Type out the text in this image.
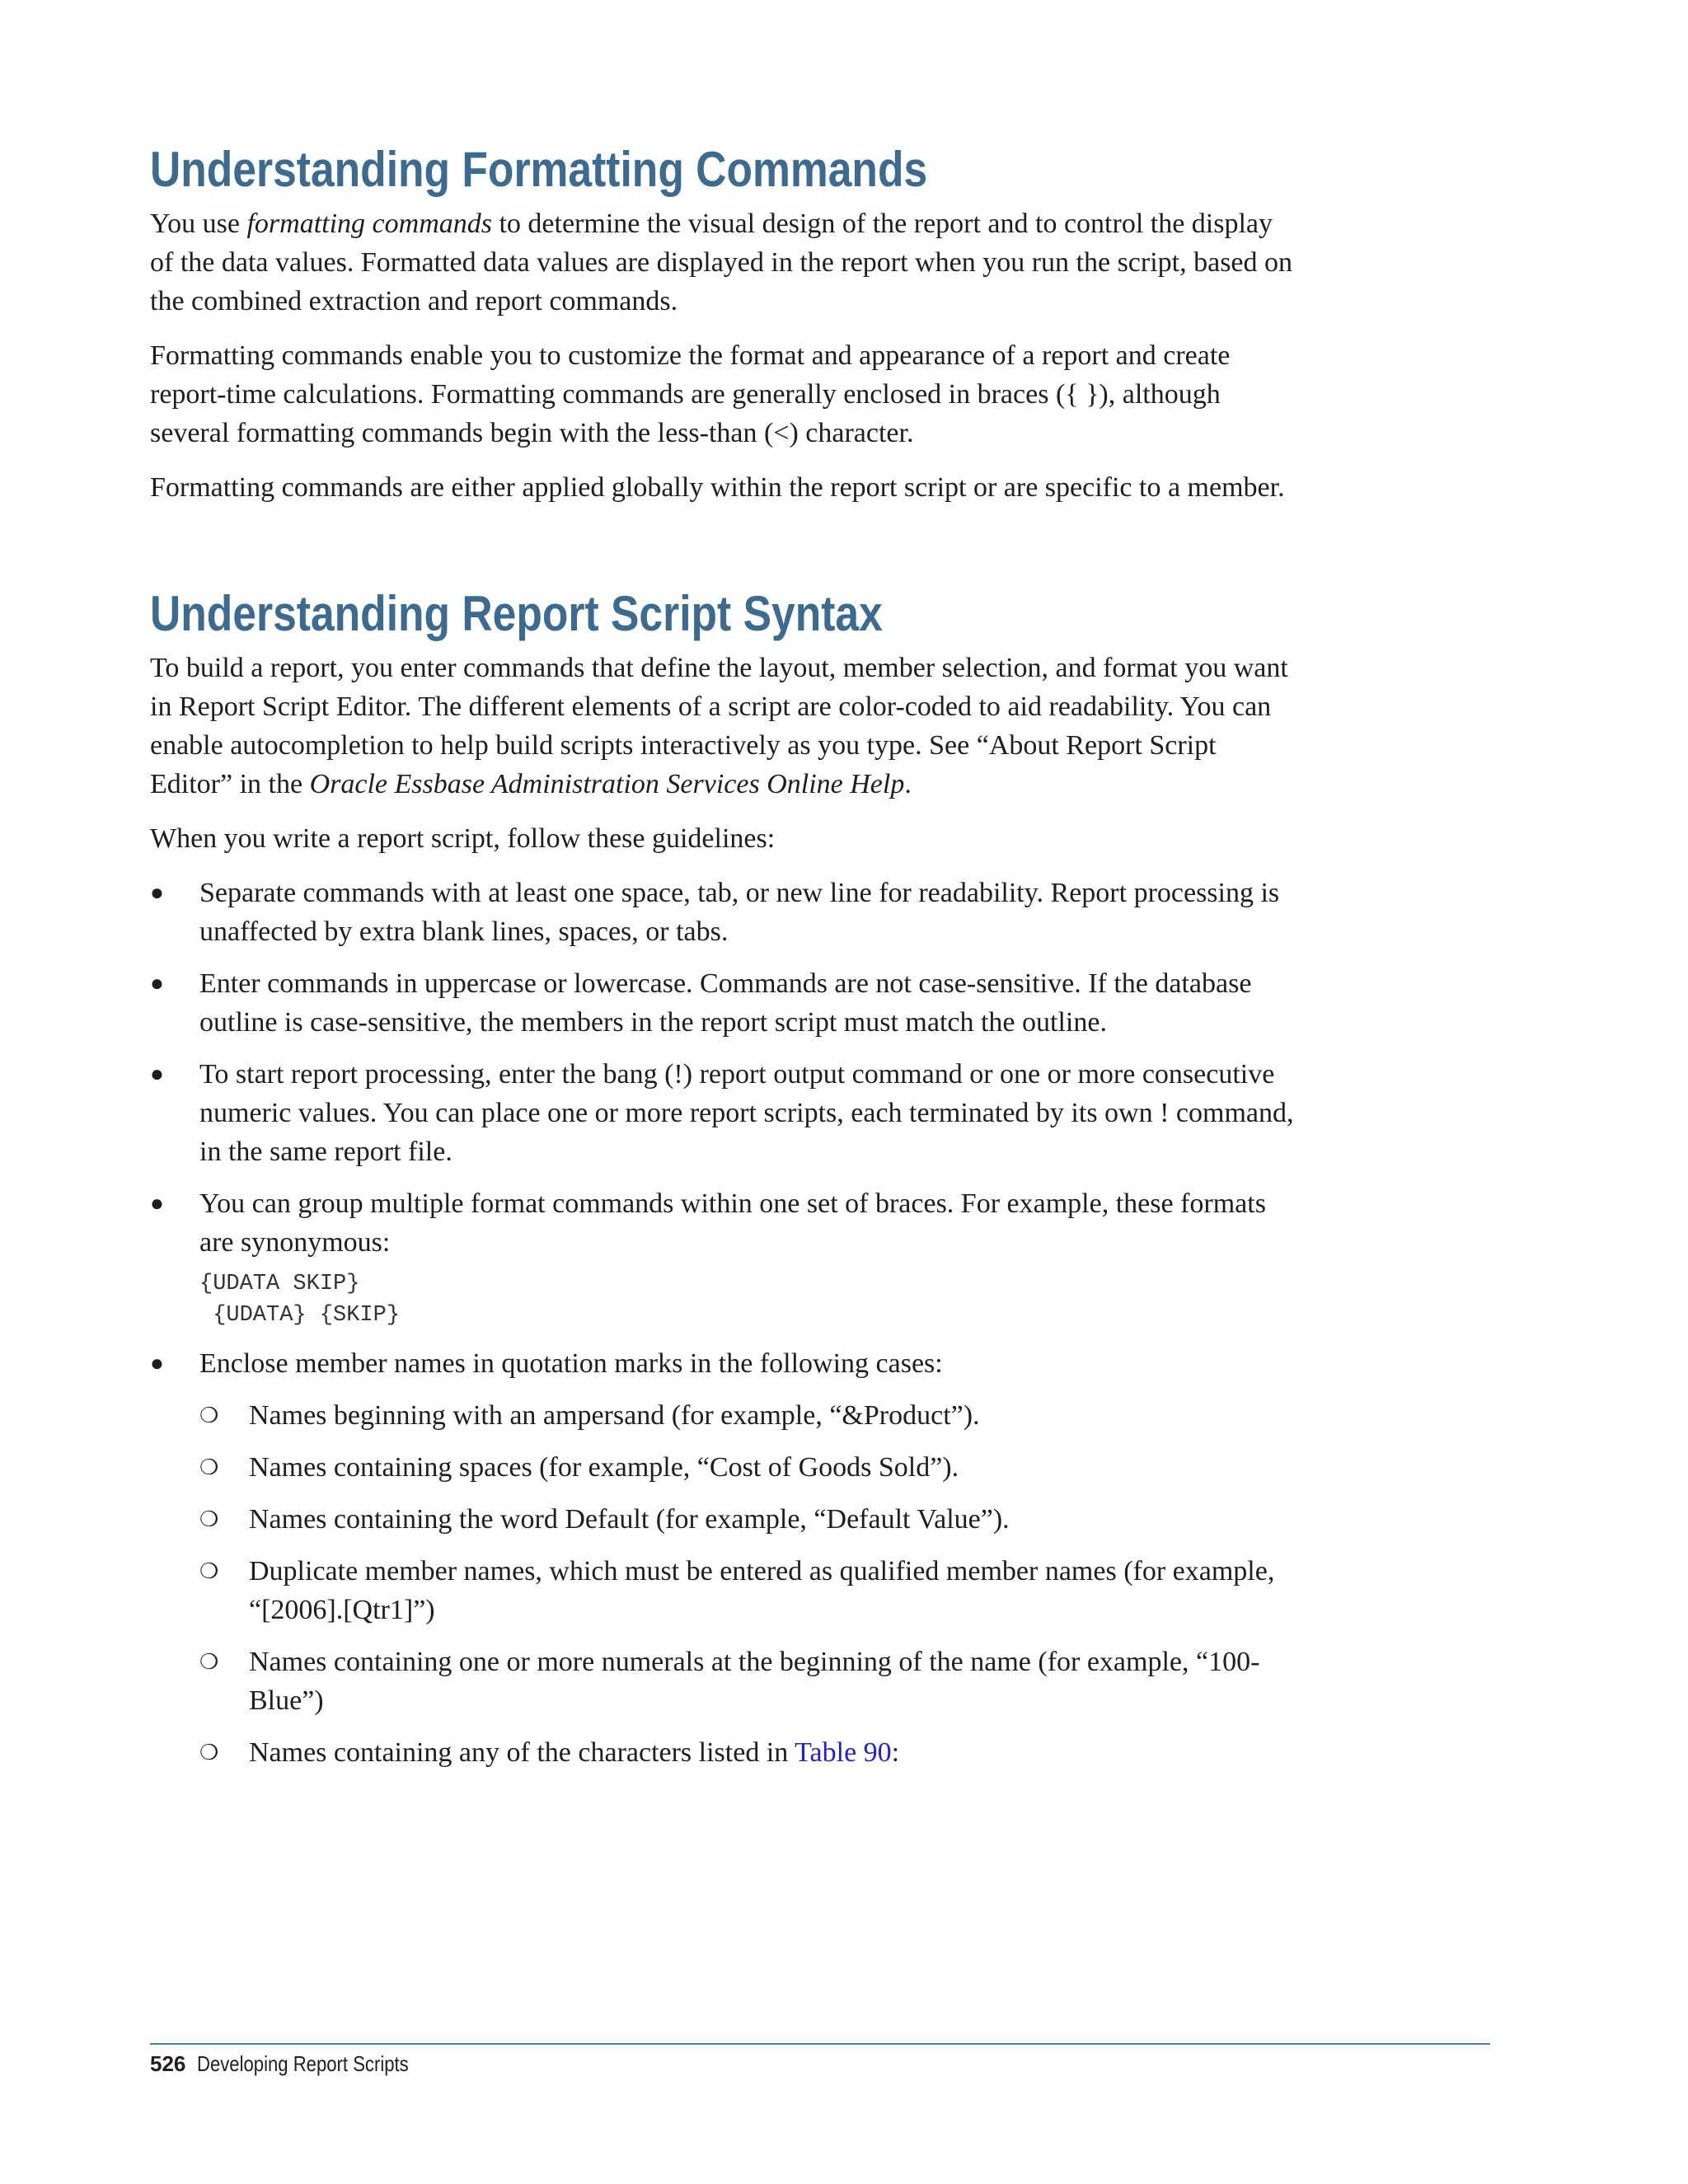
Understanding Formatting Commands

You use formatting commands to determine the visual design of the report and to control the display of the data values. Formatted data values are displayed in the report when you run the script, based on the combined extraction and report commands.

Formatting commands enable you to customize the format and appearance of a report and create report-time calculations. Formatting commands are generally enclosed in braces ({ }), although several formatting commands begin with the less-than (<) character.

Formatting commands are either applied globally within the report script or are specific to a member.

Understanding Report Script Syntax

To build a report, you enter commands that define the layout, member selection, and format you want in Report Script Editor. The different elements of a script are color-coded to aid readability. You can enable autocompletion to help build scripts interactively as you type. See “About Report Script Editor” in the Oracle Essbase Administration Services Online Help.

When you write a report script, follow these guidelines:

● Separate commands with at least one space, tab, or new line for readability. Report processing is unaffected by extra blank lines, spaces, or tabs.
● Enter commands in uppercase or lowercase. Commands are not case-sensitive. If the database outline is case-sensitive, the members in the report script must match the outline.
● To start report processing, enter the bang (!) report output command or one or more consecutive numeric values. You can place one or more report scripts, each terminated by its own ! command, in the same report file.
● You can group multiple format commands within one set of braces. For example, these formats are synonymous:
{UDATA SKIP}
{UDATA} {SKIP}
● Enclose member names in quotation marks in the following cases:
❍ Names beginning with an ampersand (for example, “&Product”).
❍ Names containing spaces (for example, “Cost of Goods Sold”).
❍ Names containing the word Default (for example, “Default Value”).
❍ Duplicate member names, which must be entered as qualified member names (for example, “[2006].[Qtr1]”)
❍ Names containing one or more numerals at the beginning of the name (for example, “100-Blue”)
❍ Names containing any of the characters listed in Table 90:
526 Developing Report Scripts
